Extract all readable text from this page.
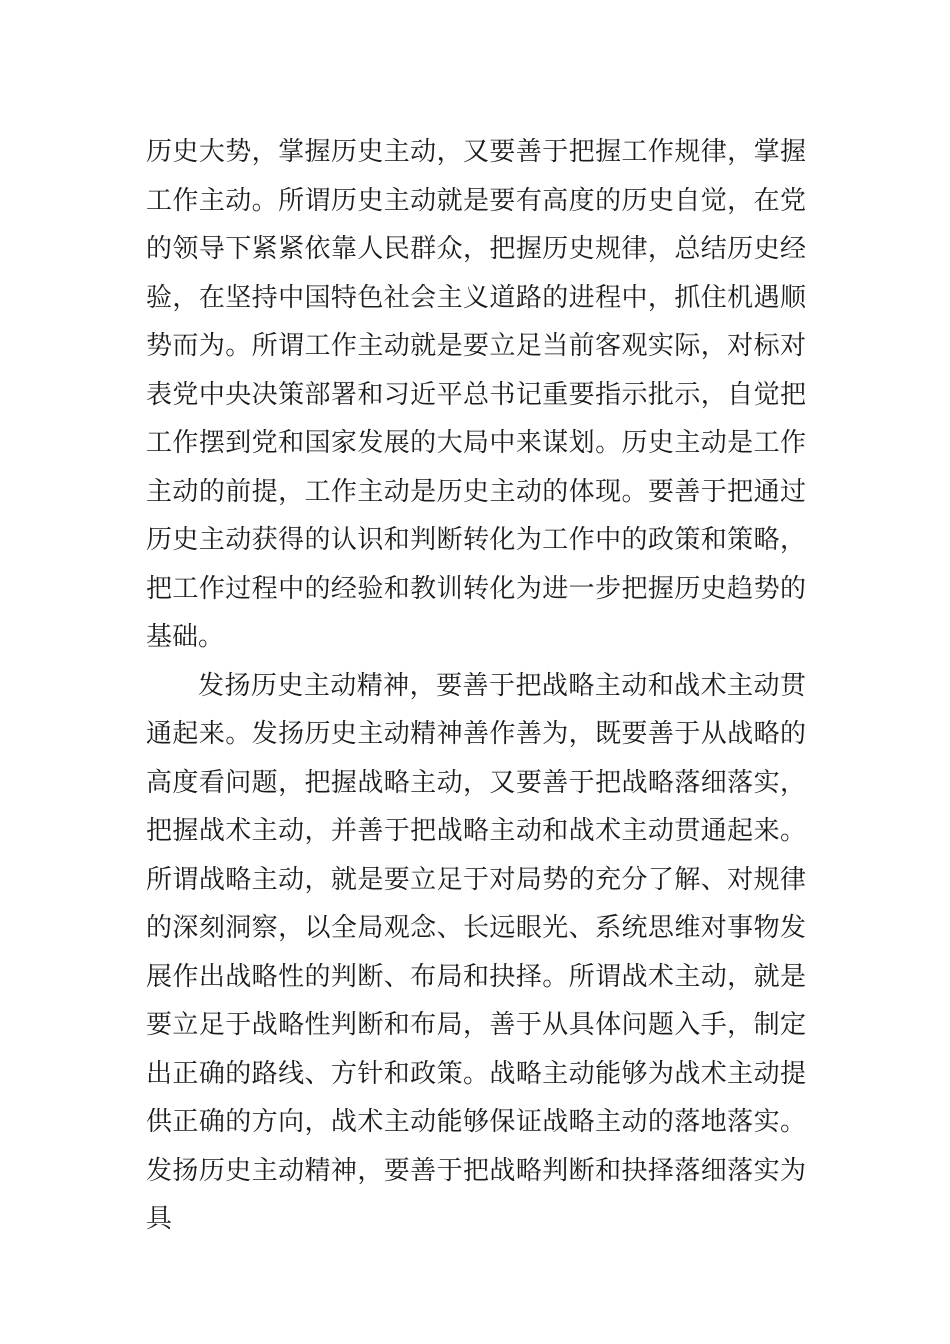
历史大势，掌握历史主动，又要善于把握工作规律，掌握工作主动。所谓历史主动就是要有高度的历史自觉，在党的领导下紧紧依靠人民群众，把握历史规律，总结历史经验，在坚持中国特色社会主义道路的进程中，抓住机遇顺势而为。所谓工作主动就是要立足当前客观实际，对标对表党中央决策部署和习近平总书记重要指示批示，自觉把工作摆到党和国家发展的大局中来谋划。历史主动是工作主动的前提，工作主动是历史主动的体现。要善于把通过历史主动获得的认识和判断转化为工作中的政策和策略，把工作过程中的经验和教训转化为进一步把握历史趋势的基础。

发扬历史主动精神，要善于把战略主动和战术主动贯通起来。发扬历史主动精神善作善为，既要善于从战略的高度看问题，把握战略主动，又要善于把战略落细落实，把握战术主动，并善于把战略主动和战术主动贯通起来。所谓战略主动，就是要立足于对局势的充分了解、对规律的深刻洞察，以全局观念、长远眼光、系统思维对事物发展作出战略性的判断、布局和抉择。所谓战术主动，就是要立足于战略性判断和布局，善于从具体问题入手，制定出正确的路线、方针和政策。战略主动能够为战术主动提供正确的方向，战术主动能够保证战略主动的落地落实。发扬历史主动精神，要善于把战略判断和抉择落细落实为具
